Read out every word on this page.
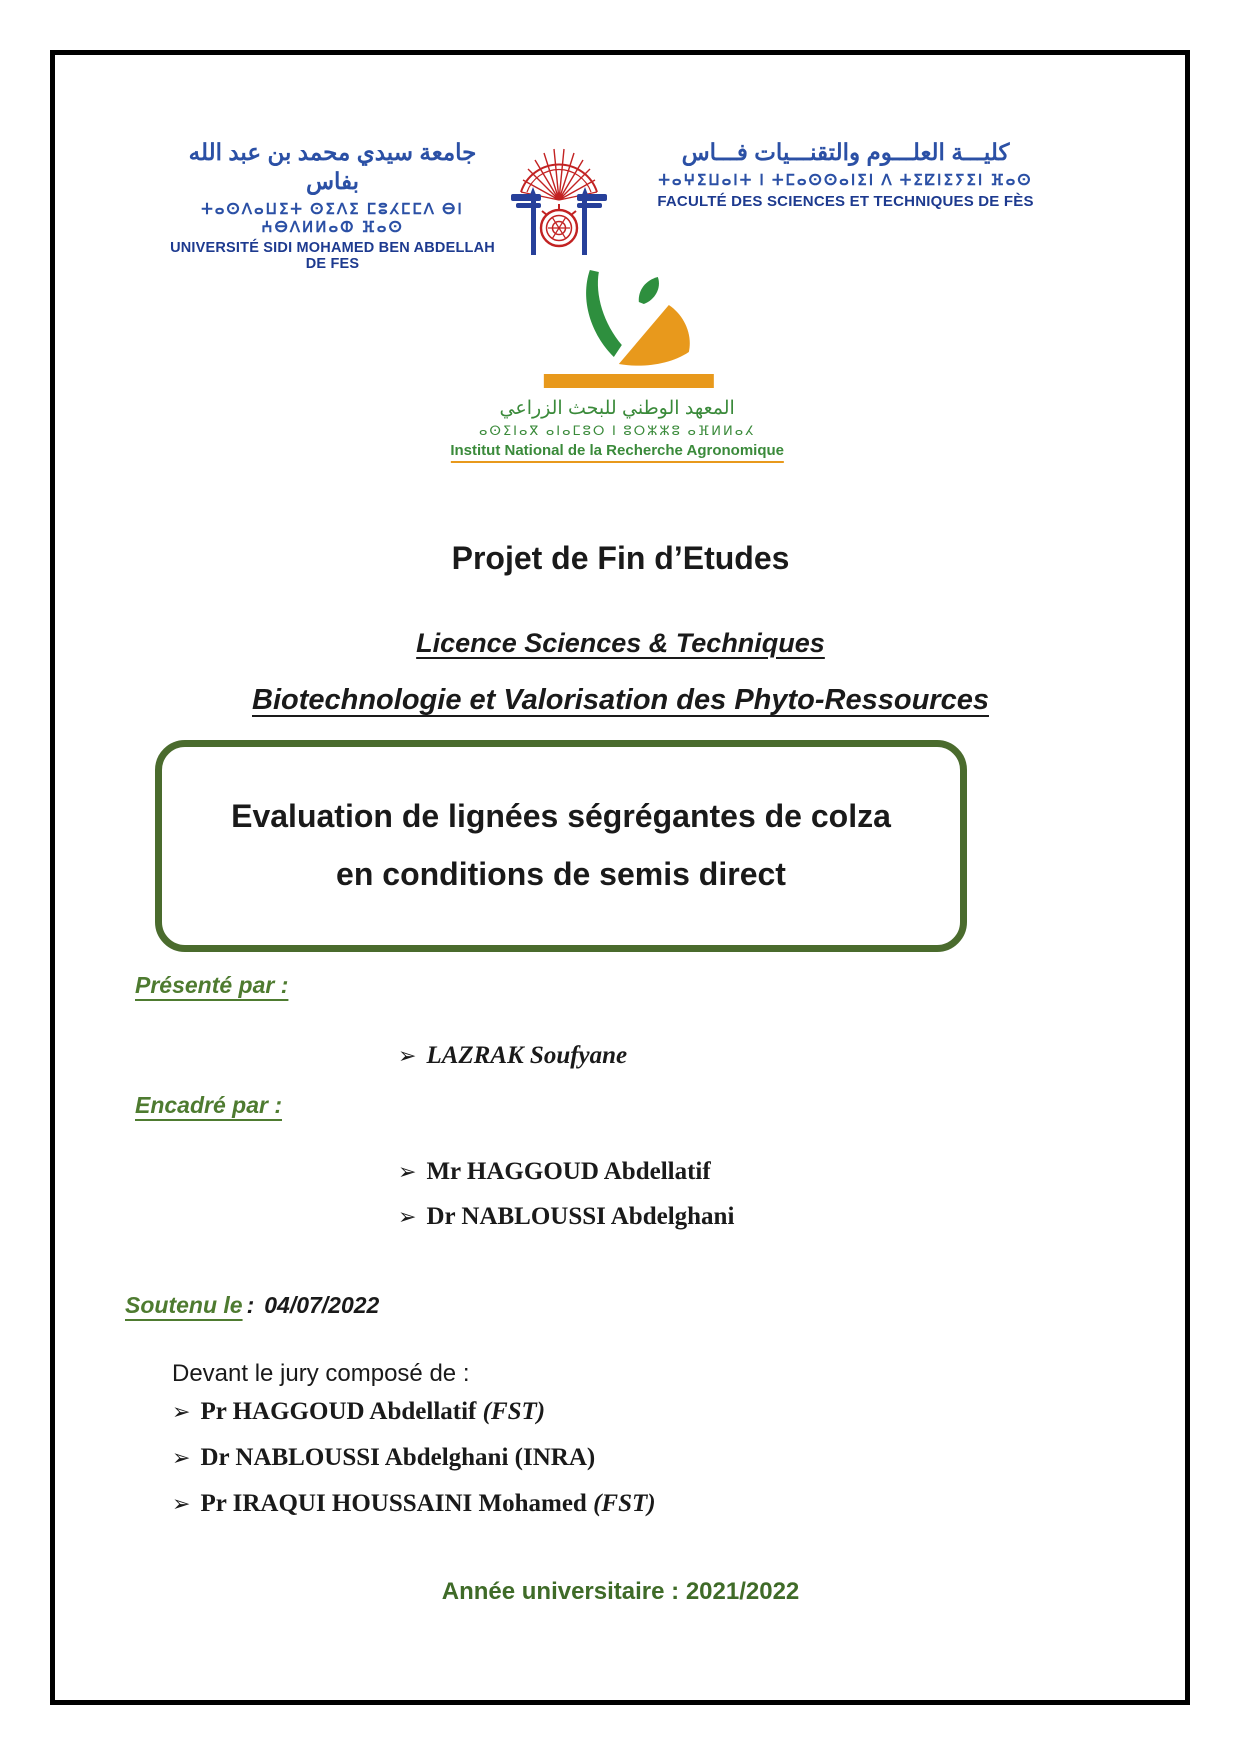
جامعة سيدي محمد بن عبد الله بفاس
ⵜⴰⵙⴷⴰⵡⵉⵜ ⵙⵉⴷⵉ ⵎⵓⵃⵎⵎⴷ ⴱⵏ ⵄⴱⴷⵍⵍⴰⵀ ⴼⴰⵙ
UNIVERSITÉ SIDI MOHAMED BEN ABDELLAH DE FES
كليـــة العلـــوم والتقنـــيات فـــاس
ⵜⴰⵖⵉⵡⴰⵏⵜ ⵏ ⵜⵎⴰⵙⵙⴰⵏⵉⵏ ⴷ ⵜⵉⵇⵏⵉⵢⵉⵏ ⴼⴰⵙ
FACULTÉ DES SCIENCES ET TECHNIQUES DE FÈS
المعهد الوطني للبحث الزراعي
ⴰⵙⵉⵏⴰⴳ ⴰⵏⴰⵎⵓⵔ ⵏ ⵓⵔⵣⵣⵓ ⴰⴼⵍⵍⴰⵃ
Institut National de la Recherche Agronomique
Projet de Fin d’Etudes
Licence Sciences & Techniques
Biotechnologie et Valorisation des Phyto-Ressources
Evaluation de lignées ségrégantes de colza
en conditions de semis direct
Présenté par :
➢ LAZRAK Soufyane
Encadré par :
➢ Mr HAGGOUD Abdellatif
➢ Dr NABLOUSSI Abdelghani
Soutenu le : 04/07/2022
Devant le jury composé de :
➢ Pr HAGGOUD Abdellatif (FST)
➢ Dr NABLOUSSI Abdelghani (INRA)
➢ Pr IRAQUI HOUSSAINI Mohamed (FST)
Année universitaire : 2021/2022
